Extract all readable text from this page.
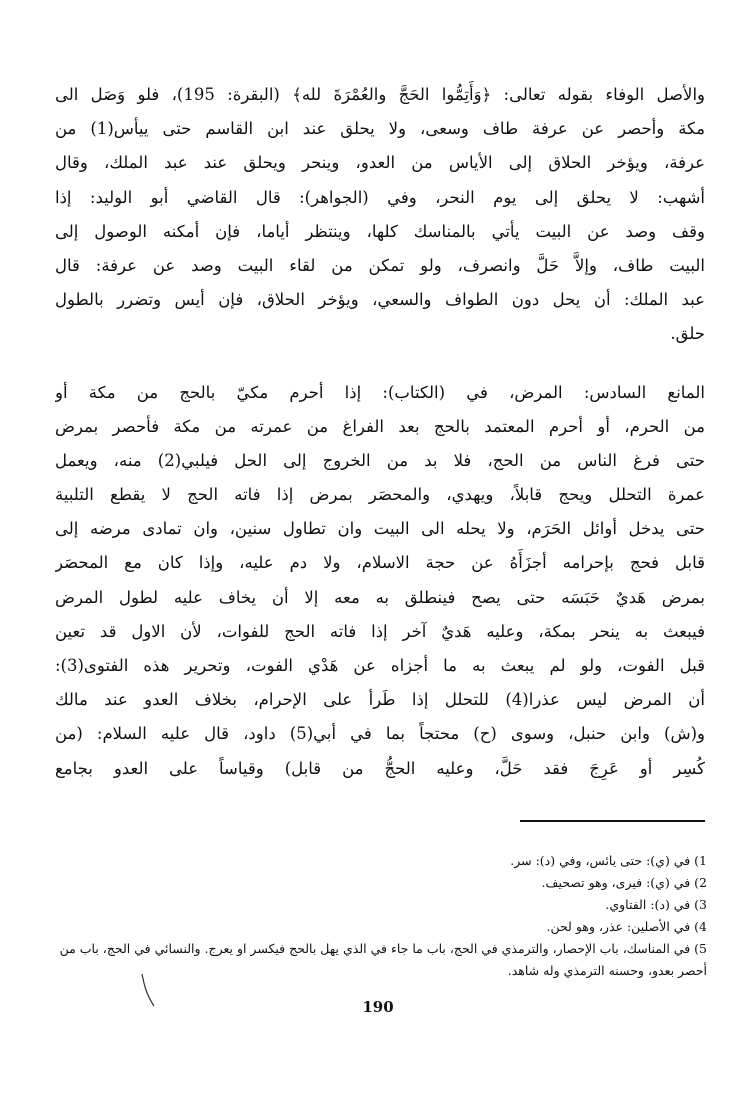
والأصل الوفاء بقوله تعالى: ﴿وَأَتِمُّوا الحَجَّ والعُمْرَةَ لله﴾ (البقرة: 195)، فلو وَصَل الى
مكة وأحصر عن عرفة طاف وسعى، ولا يحلق عند ابن القاسم حتى ييأس(1) من
عرفة، ويؤخر الحلاق إلى الأياس من العدو، وينحر ويحلق عند عبد الملك، وقال
أشهب: لا يحلق إلى يوم النحر، وفي (الجواهر): قال القاضي أبو الوليد: إذا
وقف وصد عن البيت يأتي بالمناسك كلها، وينتظر أياما، فإن أمكنه الوصول إلى
البيت طاف، وإلاَّ حَلَّ وانصرف، ولو تمكن من لقاء البيت وصد عن عرفة: قال
عبد الملك: أن يحل دون الطواف والسعي، ويؤخر الحلاق، فإن أيس وتضرر بالطول
حلق.
المانع السادس: المرض، في (الكتاب): إذا أحرم مكيّ بالحج من مكة أو
من الحرم، أو أحرم المعتمد بالحج بعد الفراغ من عمرته من مكة فأحصر بمرض
حتى فرغ الناس من الحج، فلا بد من الخروج إلى الحل فيلبي(2) منه، ويعمل
عمرة التحلل ويحج قابلاً، ويهدي، والمحصَر بمرض إذا فاته الحج لا يقطع التلبية
حتى يدخل أوائل الحَرَم، ولا يحله الى البيت وان تطاول سنين، وان تمادى مرضه إلى
قابل فحج بإحرامه أجزَأَهُ عن حجة الاسلام، ولا دم عليه، وإذا كان مع المحصَر
بمرض هَديٌ حَبَسَه حتى يصح فينطلق به معه إلا أن يخاف عليه لطول المرض
فيبعث به ينحر بمكة، وعليه هَديٌ آخر إذا فاته الحج للفوات، لأن الاول قد تعين
قبل الفوت، ولو لم يبعث به ما أجزاه عن هَدْي الفوت، وتحرير هذه الفتوى(3):
أن المرض ليس عذرا(4) للتحلل إذا طَرأ على الإحرام، بخلاف العدو عند مالك
و(ش) وابن حنبل، وسوى (ح) محتجاً بما في أبي(5) داود، قال عليه السلام: (من
كُسِر أو عَرِجَ فقد حَلَّ، وعليه الحجُّ من قابل) وقياساً على العدو بجامع
1) في (ي): حتى يائس، وفي (د): سر.
2) في (ي): فيرى، وهو تصحيف.
3) في (د): الفتاوي.
4) في الأصلين: عذر، وهو لحن.
5) في المناسك، باب الإحصار، والترمذي في الحج، باب ما جاء في الذي يهل بالحج فيكسر او يعرج. والنسائي في الحج، باب من أحصر بعدو، وحسنه الترمذي وله شاهد.
190
